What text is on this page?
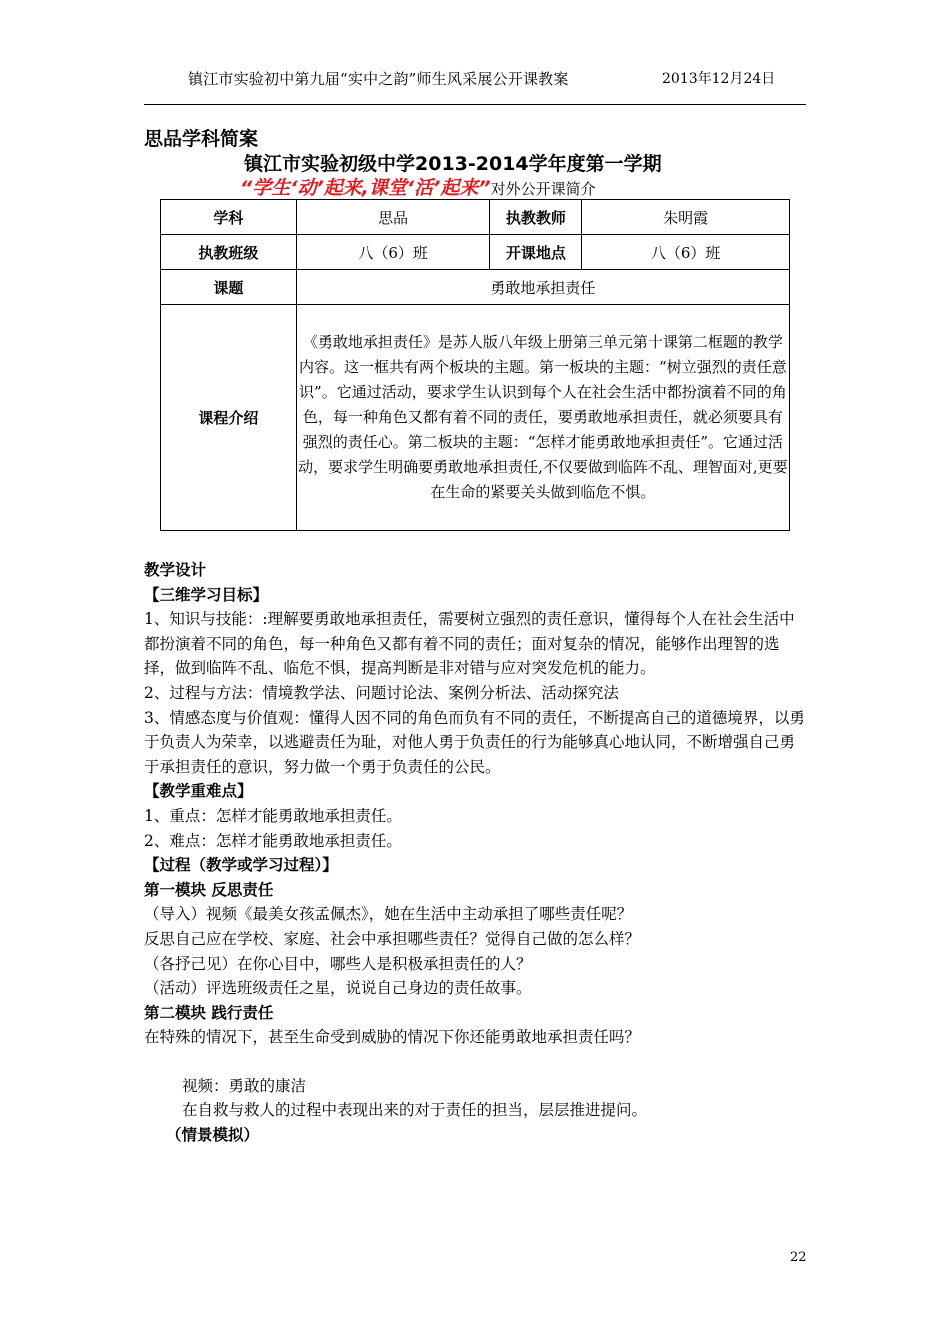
镇江市实验初中第九届“实中之韵”师生风采展公开课教案	2013年12月24日
思品学科简案
镇江市实验初级中学2013-2014学年度第一学期
“学生‘动’起来,课堂‘活’起来”对外公开课简介
学科	思品	执教教师	朱明霞
执教班级	八（6）班	开课地点	八（6）班
课题	勇敢地承担责任		
课程介绍	《勇敢地承担责任》是苏人版八年级上册第三单元第十课第二框题的教学内容。这一框共有两个板块的主题。第一板块的主题：“树立强烈的责任意识”。它通过活动，要求学生认识到每个人在社会生活中都扮演着不同的角色，每一种角色又都有着不同的责任，要勇敢地承担责任，就必须要具有强烈的责任心。第二板块的主题：“怎样才能勇敢地承担责任”。它通过活动，要求学生明确要勇敢地承担责任,不仅要做到临阵不乱、理智面对,更要在生命的紧要关头做到临危不惧。		

教学设计

【三维学习目标】

1、知识与技能：:理解要勇敢地承担责任，需要树立强烈的责任意识，懂得每个人在社会生活中都扮演着不同的角色，每一种角色又都有着不同的责任；面对复杂的情况，能够作出理智的选择，做到临阵不乱、临危不惧，提高判断是非对错与应对突发危机的能力。

2、过程与方法：情境教学法、问题讨论法、案例分析法、活动探究法

3、情感态度与价值观：懂得人因不同的角色而负有不同的责任，不断提高自己的道德境界，以勇于负责人为荣幸，以逃避责任为耻，对他人勇于负责任的行为能够真心地认同，不断增强自己勇于承担责任的意识，努力做一个勇于负责任的公民。

【教学重难点】

1、重点：怎样才能勇敢地承担责任。

2、难点：怎样才能勇敢地承担责任。

【过程（教学或学习过程）】

第一模块 反思责任

（导入）视频《最美女孩孟佩杰》，她在生活中主动承担了哪些责任呢？

反思自己应在学校、家庭、社会中承担哪些责任？觉得自己做的怎么样？

（各抒己见）在你心目中，哪些人是积极承担责任的人？

（活动）评选班级责任之星，说说自己身边的责任故事。

第二模块 践行责任

在特殊的情况下，甚至生命受到威胁的情况下你还能勇敢地承担责任吗？

视频：勇敢的康洁

在自救与救人的过程中表现出来的对于责任的担当，层层推进提问。

（情景模拟）

22
